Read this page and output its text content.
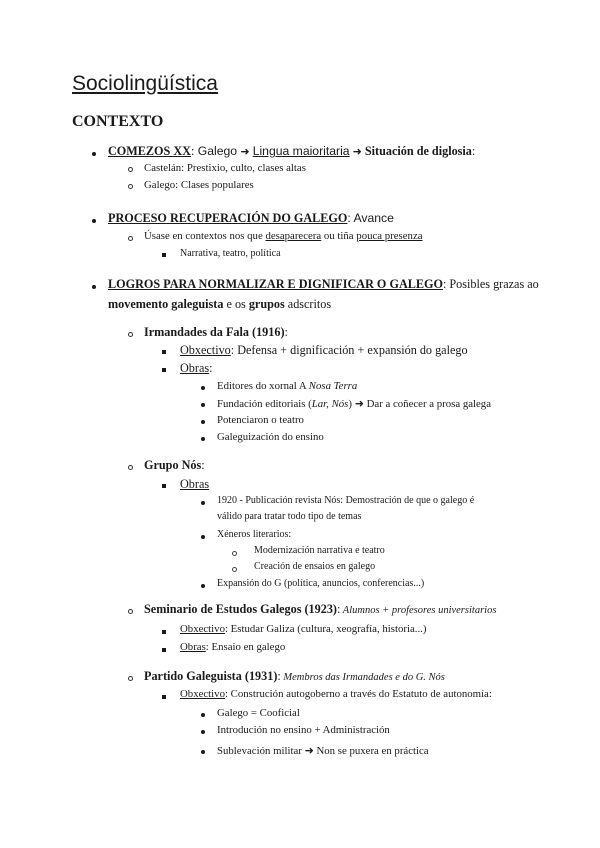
Sociolingüística
CONTEXTO
COMEZOS XX: Galego ➜ Lingua maioritaria ➜ Situación de diglosia:
Castelán: Prestixio, culto, clases altas
Galego: Clases populares
PROCESO RECUPERACIÓN DO GALEGO: Avance
Úsase en contextos nos que desaparecera ou tiña pouca presenza
Narrativa, teatro, política
LOGROS PARA NORMALIZAR E DIGNIFICAR O GALEGO: Posibles grazas ao
movemento galeguista e os grupos adscritos
Irmandades da Fala (1916):
Obxectivo: Defensa + dignificación + expansión do galego
Obras:
Editores do xornal A Nosa Terra
Fundación editoriais (Lar, Nós) ➜ Dar a coñecer a prosa galega
Potenciaron o teatro
Galeguización do ensino
Grupo Nós:
Obras
1920 - Publicación revista Nós: Demostración de que o galego é
válido para tratar todo tipo de temas
Xéneros literarios:
Modernización narrativa e teatro
Creación de ensaios en galego
Expansión do G (política, anuncios, conferencias...)
Seminario de Estudos Galegos (1923): Alumnos + profesores universitarios
Obxectivo: Estudar Galiza (cultura, xeografía, historia...)
Obras: Ensaio en galego
Partido Galeguista (1931): Membros das Irmandades e do G. Nós
Obxectivo: Construción autogoberno a través do Estatuto de autonomía:
Galego = Cooficial
Introdución no ensino + Administración
Sublevación militar ➜ Non se puxera en práctica
